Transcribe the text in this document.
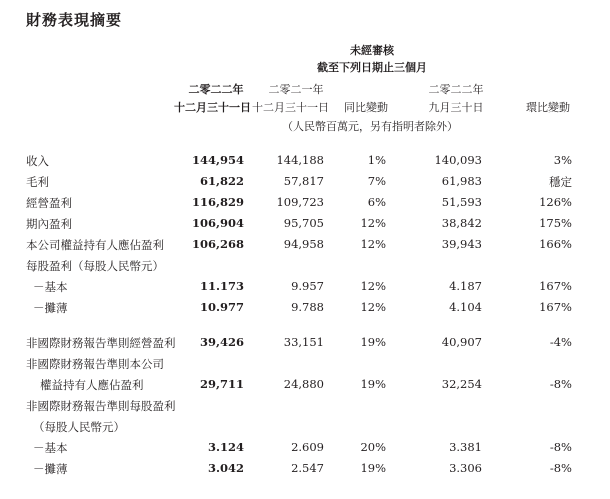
財務表現摘要
未經審核
截至下列日期止三個月
二零二二年
十二月三十一日
二零二一年
十二月三十一日 同比變動
二零二二年
九月三十日	環比變動
（人民幣百萬元，另有指明者除外）
收入	144,954	144,188	1%	140,093	3%
毛利	61,822	57,817	7%	61,983	穩定
經營盈利	116,829	109,723	6%	51,593	126%
期內盈利	106,904	95,705	12%	38,842	175%
本公司權益持有人應佔盈利 106,268	94,958	12%	39,943	166%
每股盈利（每股人民幣元）
－基本	11.173	9.957	12%	4.187	167%
－攤薄	10.977	9.788	12%	4.104	167%
非國際財務報告準則經營盈利 39,426	33,151	19%	40,907	-4%
非國際財務報告準則本公司
權益持有人應佔盈利	29,711	24,880	19%	32,254	-8%
非國際財務報告準則每股盈利
（每股人民幣元）
－基本	3.124	2.609	20%	3.381	-8%
－攤薄	3.042	2.547	19%	3.306	-8%
